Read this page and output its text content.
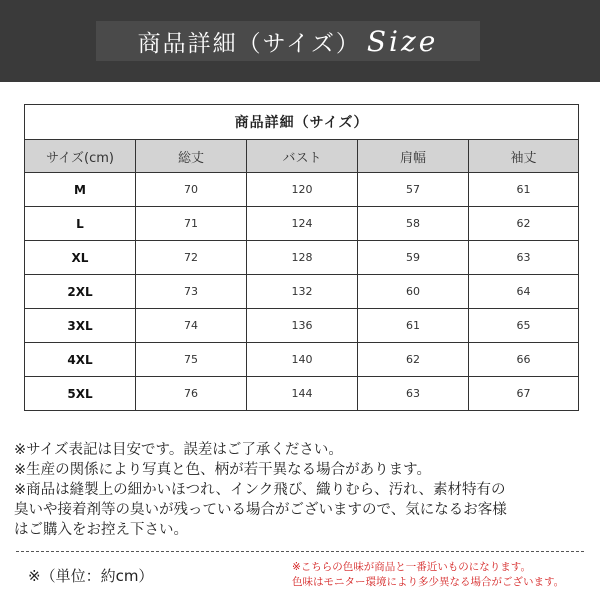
商品詳細（サイズ） Size
商品詳細（サイズ）				
サイズ(cm)	総丈	バスト	肩幅	袖丈
M	70	120	57	61
L	71	124	58	62
XL	72	128	59	63
2XL	73	132	60	64
3XL	74	136	61	65
4XL	75	140	62	66
5XL	76	144	63	67

※サイズ表記は目安です。誤差はご了承ください。

※生産の関係により写真と色、柄が若干異なる場合があります。

※商品は縫製上の細かいほつれ、インク飛び、織りむら、汚れ、素材特有の

臭いや接着剤等の臭いが残っている場合がございますので、気になるお客様

はご購入をお控え下さい。

※（単位：約cm）	※こちらの色味が商品と一番近いものになります。

色味はモニター環境により多少異なる場合がございます。
